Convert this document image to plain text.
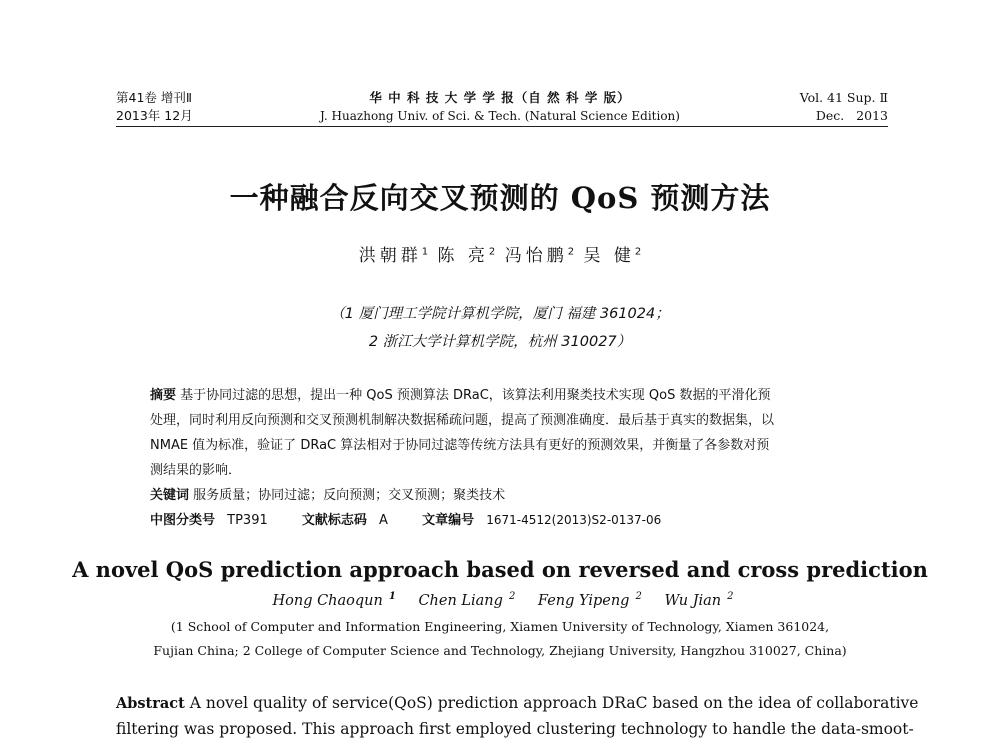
第41卷 增刊Ⅱ
2013年 12月
华 中 科 技 大 学 学 报（自 然 科 学 版）
J. Huazhong Univ. of Sci. & Tech. (Natural Science Edition)
Vol. 41 Sup. Ⅱ
Dec.   2013
一种融合反向交叉预测的 QoS 预测方法
洪朝群$^1$ 陈 亮$^2$ 冯怡鹏$^2$ 吴 健$^2$
（1 厦门理工学院计算机学院，厦门 福建 361024；
2 浙江大学计算机学院，杭州 310027）
摘要 基于协同过滤的思想，提出一种 QoS 预测算法 DRaC，该算法利用聚类技术实现 QoS 数据的平滑化预
处理，同时利用反向预测和交叉预测机制解决数据稀疏问题，提高了预测准确度．最后基于真实的数据集，以
NMAE 值为标准，验证了 DRaC 算法相对于协同过滤等传统方法具有更好的预测效果，并衡量了各参数对预
测结果的影响．
关键词 服务质量；协同过滤；反向预测；交叉预测；聚类技术
中图分类号 TP391	文献标志码 A	文章编号 1671-4512(2013)S2-0137-06
A novel QoS prediction approach based on reversed and cross prediction
Hong Chaoqun $^1$ Chen Liang $^2$ Feng Yipeng $^2$ Wu Jian $^2$
(1 School of Computer and Information Engineering, Xiamen University of Technology, Xiamen 361024,
Fujian China; 2 College of Computer Science and Technology, Zhejiang University, Hangzhou 310027, China)
Abstract A novel quality of service(QoS) prediction approach DRaC based on the idea of collaborative
filtering was proposed. This approach first employed clustering technology to handle the data-smoot-
